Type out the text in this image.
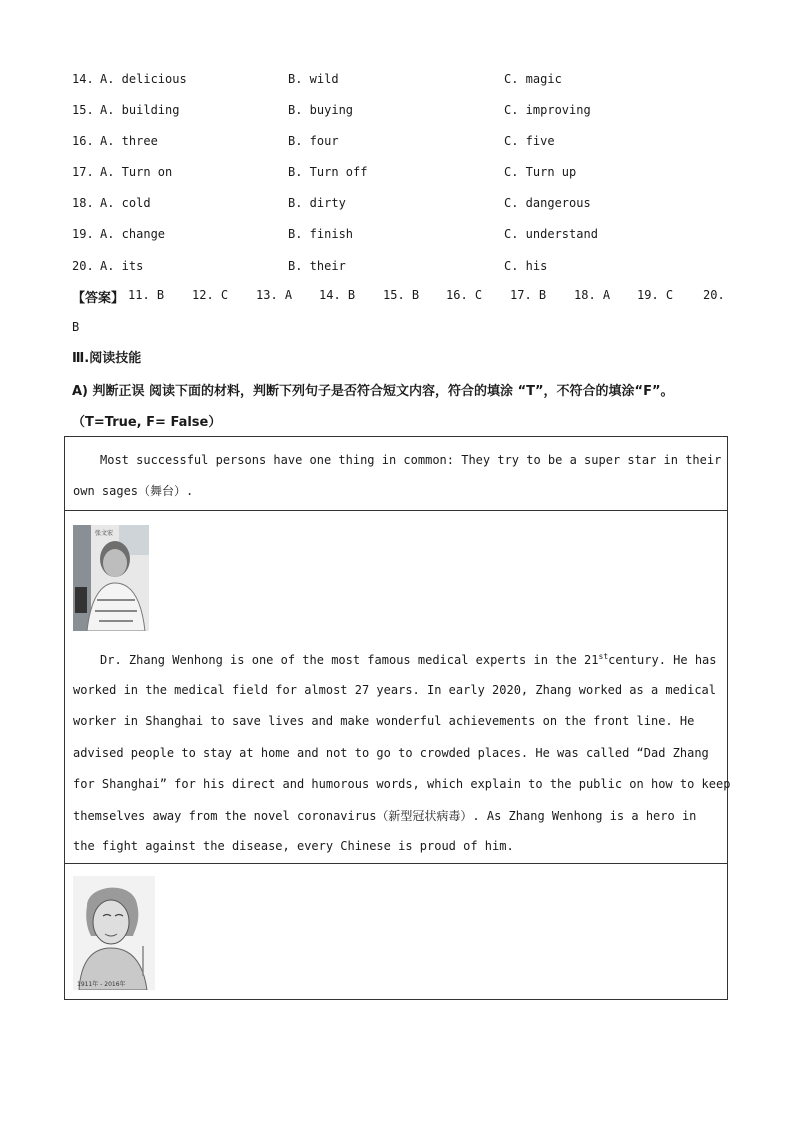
14. A. delicious	B. wild	C. magic
15. A. building	B. buying	C. improving
16. A. three	B. four	C. five
17. A. Turn on	B. Turn off	C. Turn up
18. A. cold	B. dirty	C. dangerous
19. A. change	B. finish	C. understand
20. A. its	B. their	C. his
【答案】 11. B 12. C 13. A 14. B 15. B 16. C 17. B 18. A 19. C 20.
B
Ⅲ.阅读技能
A) 判断正误 阅读下面的材料，判断下列句子是否符合短文内容，符合的填涂 “T”，不符合的填涂“F”。
（T=True, F= False）
Most successful persons have one thing in common: They try to be a super star in their
own sages（舞台）.
张文宏
Dr. Zhang Wenhong is one of the most famous medical experts in the 21stcentury. He has
worked in the medical field for almost 27 years. In early 2020, Zhang worked as a medical
worker in Shanghai to save lives and make wonderful achievements on the front line. He
advised people to stay at home and not to go to crowded places. He was called “Dad Zhang
for Shanghai” for his direct and humorous words, which explain to the public on how to keep
themselves away from the novel coronavirus（新型冠状病毒）. As Zhang Wenhong is a hero in
the fight against the disease, every Chinese is proud of him.
1911年 - 2016年
